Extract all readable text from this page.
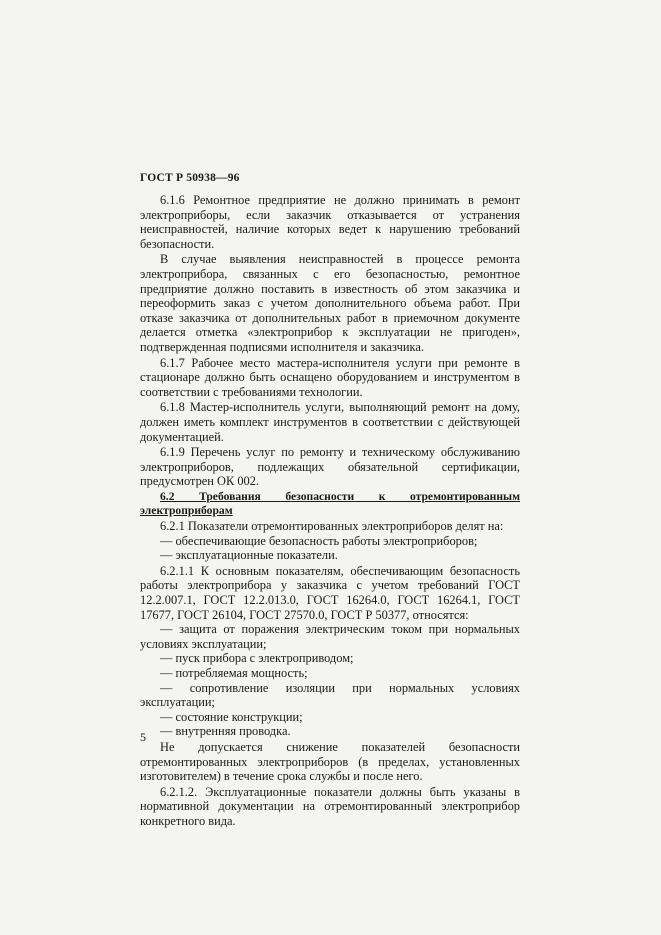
ГОСТ Р 50938—96

6.1.6 Ремонтное предприятие не должно принимать в ремонт электроприборы, если заказчик отказывается от устранения неисправностей, наличие которых ведет к нарушению требований безопасности.

В случае выявления неисправностей в процессе ремонта электроприбора, связанных с его безопасностью, ремонтное предприятие должно поставить в известность об этом заказчика и переоформить заказ с учетом дополнительного объема работ. При отказе заказчика от дополнительных работ в приемочном документе делается отметка «электроприбор к эксплуатации не пригоден», подтвержденная подписями исполнителя и заказчика.

6.1.7 Рабочее место мастера-исполнителя услуги при ремонте в стационаре должно быть оснащено оборудованием и инструментом в соответствии с требованиями технологии.

6.1.8 Мастер-исполнитель услуги, выполняющий ремонт на дому, должен иметь комплект инструментов в соответствии с действующей документацией.

6.1.9 Перечень услуг по ремонту и техническому обслуживанию электроприборов, подлежащих обязательной сертификации, предусмотрен ОК 002.

6.2 Требования безопасности к отремонтированным электроприборам

6.2.1 Показатели отремонтированных электроприборов делят на:

— обеспечивающие безопасность работы электроприборов;

— эксплуатационные показатели.

6.2.1.1 К основным показателям, обеспечивающим безопасность работы электроприбора у заказчика с учетом требований ГОСТ 12.2.007.1, ГОСТ 12.2.013.0, ГОСТ 16264.0, ГОСТ 16264.1, ГОСТ 17677, ГОСТ 26104, ГОСТ 27570.0, ГОСТ Р 50377, относятся:

— защита от поражения электрическим током при нормальных условиях эксплуатации;

— пуск прибора с электроприводом;

— потребляемая мощность;

— сопротивление изоляции при нормальных условиях эксплуатации;

— состояние конструкции;

— внутренняя проводка.

Не допускается снижение показателей безопасности отремонтированных электроприборов (в пределах, установленных изготовителем) в течение срока службы и после него.

6.2.1.2. Эксплуатационные показатели должны быть указаны в нормативной документации на отремонтированный электроприбор конкретного вида.

5
